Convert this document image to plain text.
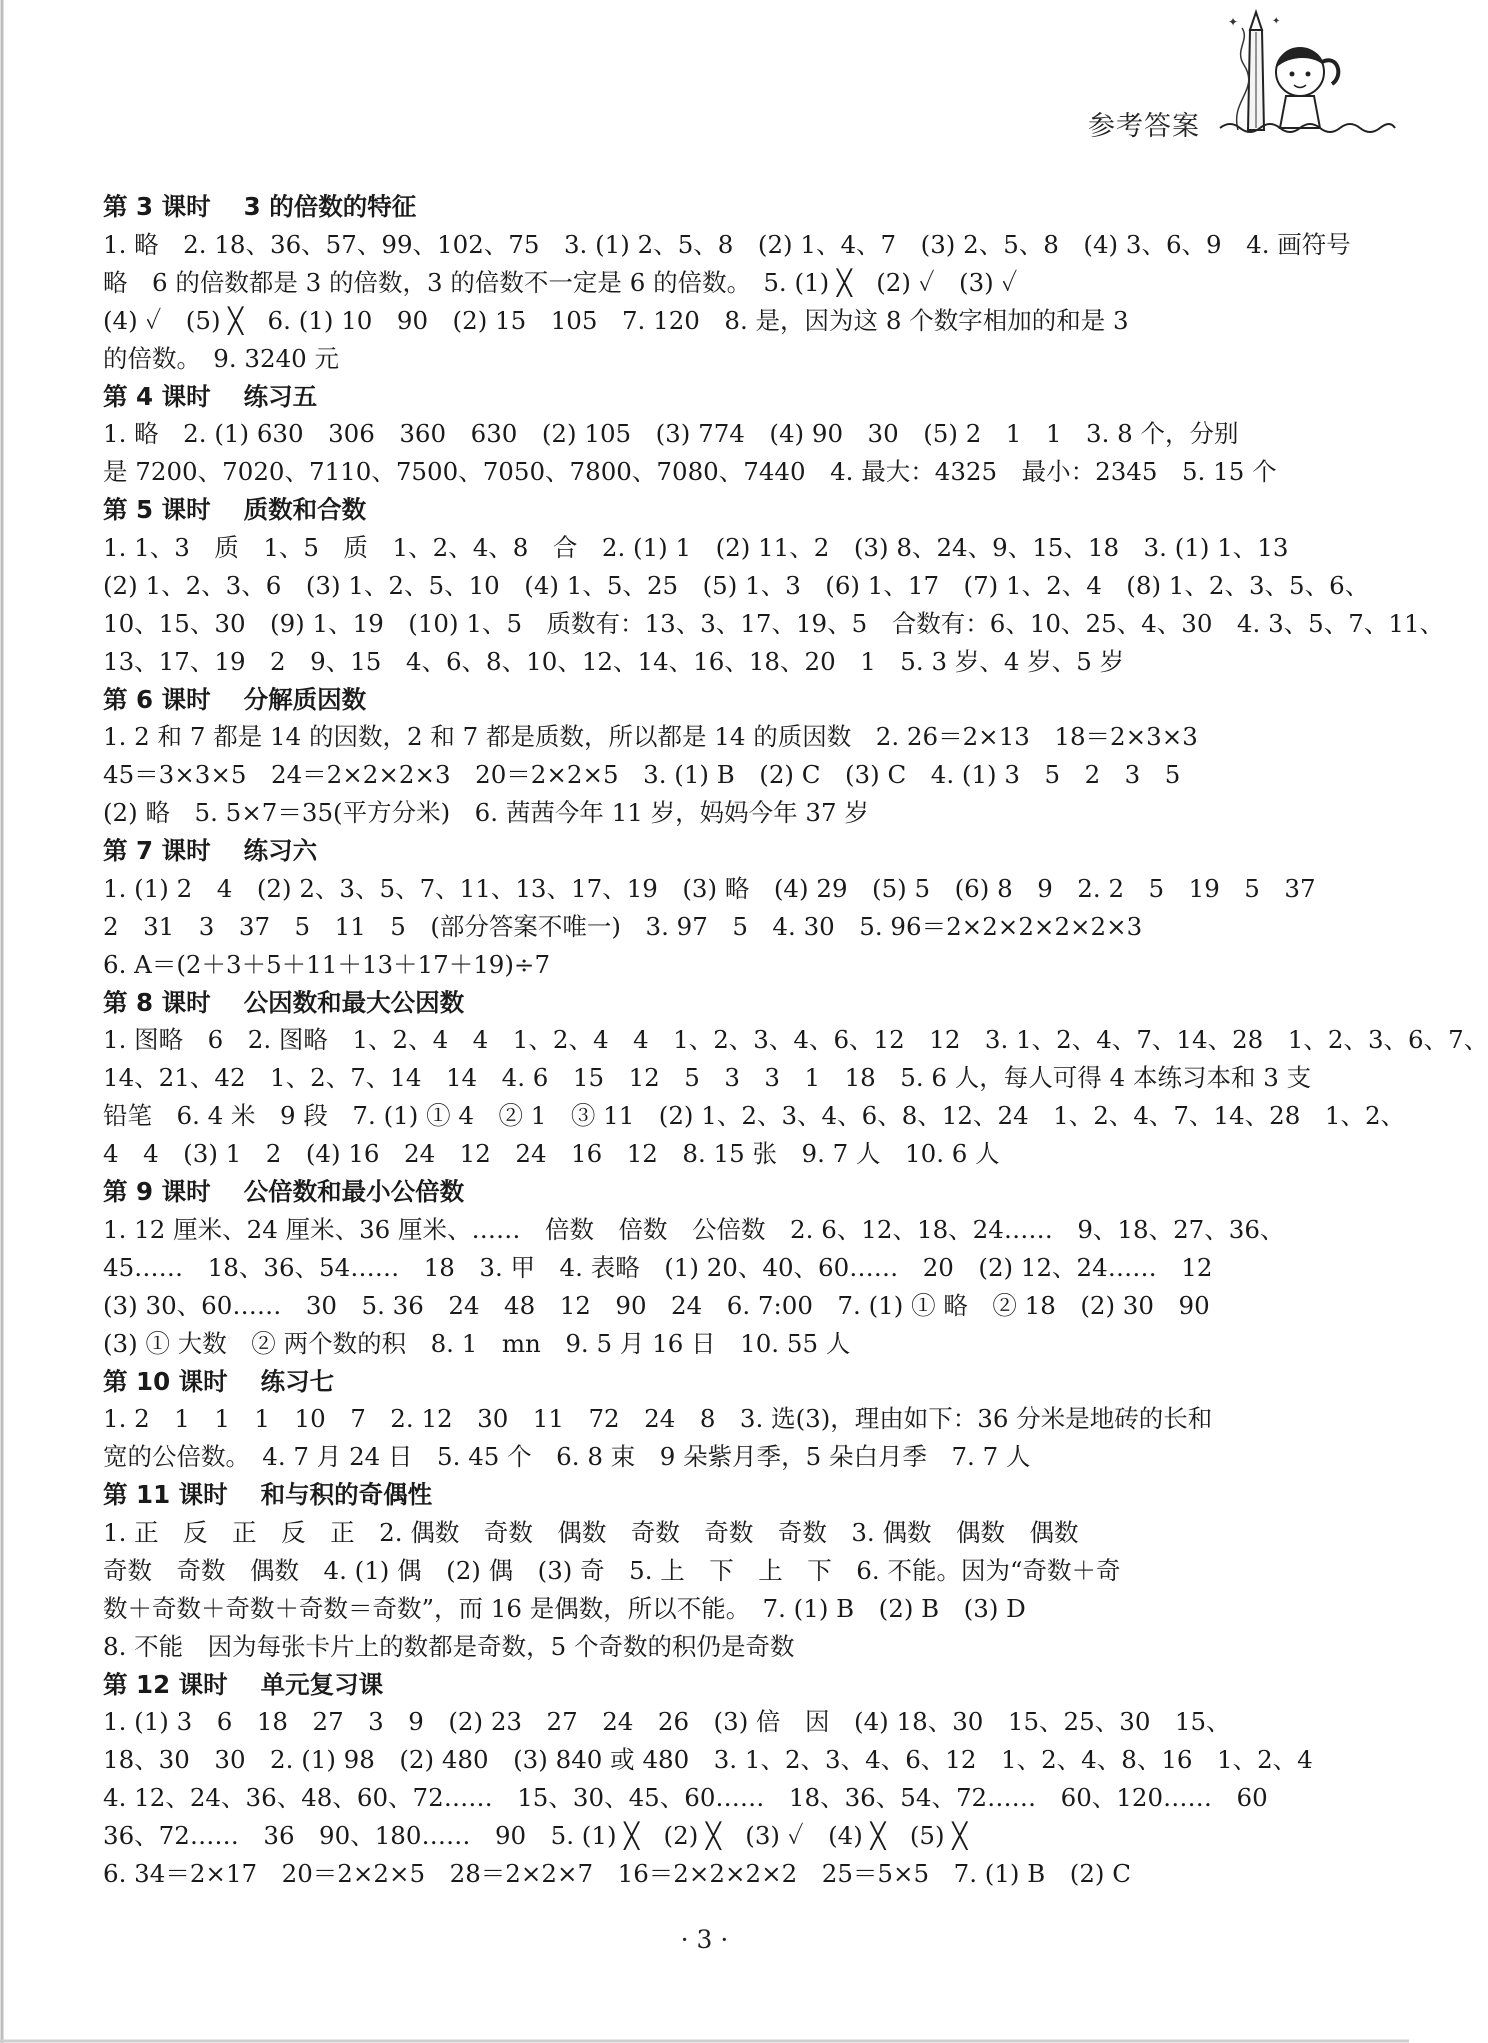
参考答案
✦	✦
第 3 课时　 3 的倍数的特征
1. 略　2. 18、36、57、99、102、75　3. (1) 2、5、8　(2) 1、4、7　(3) 2、5、8　(4) 3、6、9　4. 画符号
略　6 的倍数都是 3 的倍数，3 的倍数不一定是 6 的倍数。　5. (1) ╳　(2) ✓　(3) ✓
(4) ✓　(5) ╳　6. (1) 10　90　(2) 15　105　7. 120　8. 是，因为这 8 个数字相加的和是 3
的倍数。　9. 3240 元
第 4 课时　 练习五
1. 略　2. (1) 630　306　360　630　(2) 105　(3) 774　(4) 90　30　(5) 2　1　1　3. 8 个，分别
是 7200、7020、7110、7500、7050、7800、7080、7440　4. 最大：4325　最小：2345　5. 15 个
第 5 课时　 质数和合数
1. 1、3　质　1、5　质　1、2、4、8　合　2. (1) 1　(2) 11、2　(3) 8、24、9、15、18　3. (1) 1、13
(2) 1、2、3、6　(3) 1、2、5、10　(4) 1、5、25　(5) 1、3　(6) 1、17　(7) 1、2、4　(8) 1、2、3、5、6、
10、15、30　(9) 1、19　(10) 1、5　质数有：13、3、17、19、5　合数有：6、10、25、4、30　4. 3、5、7、11、
13、17、19　2　9、15　4、6、8、10、12、14、16、18、20　1　5. 3 岁、4 岁、5 岁
第 6 课时　 分解质因数
1. 2 和 7 都是 14 的因数，2 和 7 都是质数，所以都是 14 的质因数　2. 26＝2×13　18＝2×3×3
45＝3×3×5　24＝2×2×2×3　20＝2×2×5　3. (1) B　(2) C　(3) C　4. (1) 3　5　2　3　5
(2) 略　5. 5×7＝35(平方分米)　6. 茜茜今年 11 岁，妈妈今年 37 岁
第 7 课时　 练习六
1. (1) 2　4　(2) 2、3、5、7、11、13、17、19　(3) 略　(4) 29　(5) 5　(6) 8　9　2. 2　5　19　5　37
2　31　3　37　5　11　5　(部分答案不唯一)　3. 97　5　4. 30　5. 96＝2×2×2×2×2×3
6. A＝(2＋3＋5＋11＋13＋17＋19)÷7
第 8 课时　 公因数和最大公因数
1. 图略　6　2. 图略　1、2、4　4　1、2、4　4　1、2、3、4、6、12　12　3. 1、2、4、7、14、28　1、2、3、6、7、
14、21、42　1、2、7、14　14　4. 6　15　12　5　3　3　1　18　5. 6 人，每人可得 4 本练习本和 3 支
铅笔　6. 4 米　9 段　7. (1) ① 4　② 1　③ 11　(2) 1、2、3、4、6、8、12、24　1、2、4、7、14、28　1、2、
4　4　(3) 1　2　(4) 16　24　12　24　16　12　8. 15 张　9. 7 人　10. 6 人
第 9 课时　 公倍数和最小公倍数
1. 12 厘米、24 厘米、36 厘米、……　倍数　倍数　公倍数　2. 6、12、18、24……　9、18、27、36、
45……　18、36、54……　18　3. 甲　4. 表略　(1) 20、40、60……　20　(2) 12、24……　12
(3) 30、60……　30　5. 36　24　48　12　90　24　6. 7:00　7. (1) ① 略　② 18　(2) 30　90
(3) ① 大数　② 两个数的积　8. 1　mn　9. 5 月 16 日　10. 55 人
第 10 课时　 练习七
1. 2　1　1　1　10　7　2. 12　30　11　72　24　8　3. 选(3)，理由如下：36 分米是地砖的长和
宽的公倍数。　4. 7 月 24 日　5. 45 个　6. 8 束　9 朵紫月季，5 朵白月季　7. 7 人
第 11 课时　 和与积的奇偶性
1. 正　反　正　反　正　2. 偶数　奇数　偶数　奇数　奇数　奇数　3. 偶数　偶数　偶数
奇数　奇数　偶数　4. (1) 偶　(2) 偶　(3) 奇　5. 上　下　上　下　6. 不能。因为“奇数＋奇
数＋奇数＋奇数＋奇数＝奇数”，而 16 是偶数，所以不能。　7. (1) B　(2) B　(3) D
8. 不能　因为每张卡片上的数都是奇数，5 个奇数的积仍是奇数
第 12 课时　 单元复习课
1. (1) 3　6　18　27　3　9　(2) 23　27　24　26　(3) 倍　因　(4) 18、30　15、25、30　15、
18、30　30　2. (1) 98　(2) 480　(3) 840 或 480　3. 1、2、3、4、6、12　1、2、4、8、16　1、2、4
4. 12、24、36、48、60、72……　15、30、45、60……　18、36、54、72……　60、120……　60
36、72……　36　90、180……　90　5. (1) ╳　(2) ╳　(3) ✓　(4) ╳　(5) ╳
6. 34＝2×17　20＝2×2×5　28＝2×2×7　16＝2×2×2×2　25＝5×5　7. (1) B　(2) C
· 3 ·
